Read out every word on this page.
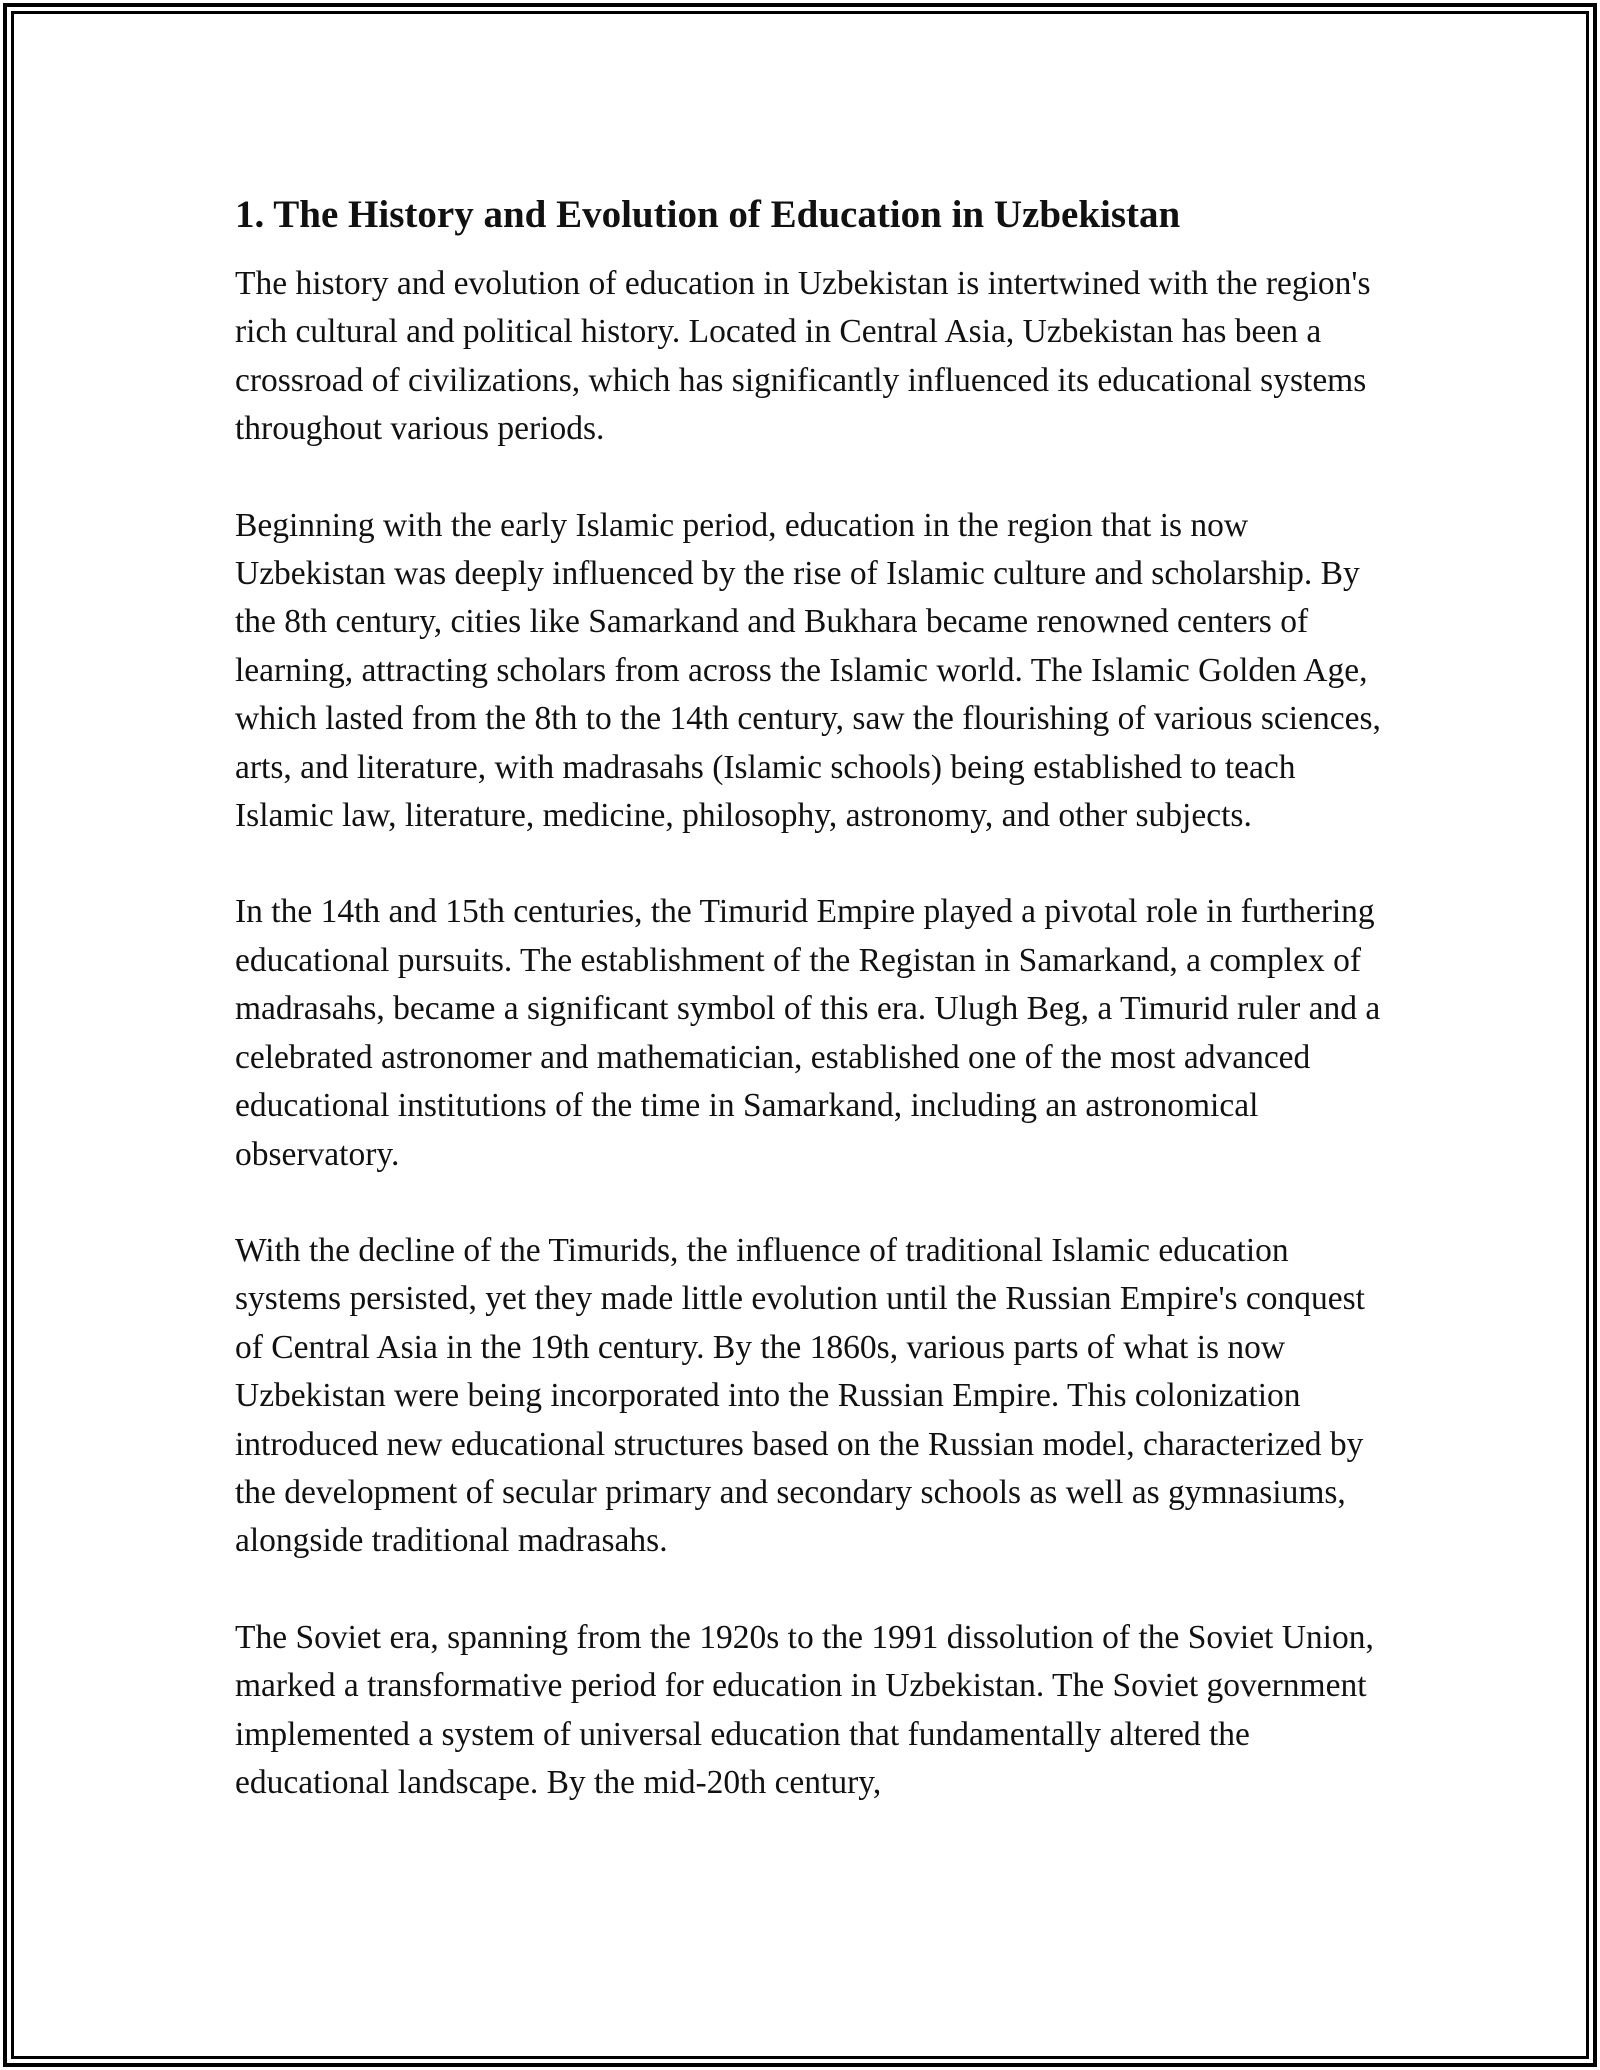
1. The History and Evolution of Education in Uzbekistan

The history and evolution of education in Uzbekistan is intertwined with the region's rich cultural and political history. Located in Central Asia, Uzbekistan has been a crossroad of civilizations, which has significantly influenced its educational systems throughout various periods.

Beginning with the early Islamic period, education in the region that is now Uzbekistan was deeply influenced by the rise of Islamic culture and scholarship. By the 8th century, cities like Samarkand and Bukhara became renowned centers of learning, attracting scholars from across the Islamic world. The Islamic Golden Age, which lasted from the 8th to the 14th century, saw the flourishing of various sciences, arts, and literature, with madrasahs (Islamic schools) being established to teach Islamic law, literature, medicine, philosophy, astronomy, and other subjects.

In the 14th and 15th centuries, the Timurid Empire played a pivotal role in furthering educational pursuits. The establishment of the Registan in Samarkand, a complex of madrasahs, became a significant symbol of this era. Ulugh Beg, a Timurid ruler and a celebrated astronomer and mathematician, established one of the most advanced educational institutions of the time in Samarkand, including an astronomical observatory.

With the decline of the Timurids, the influence of traditional Islamic education systems persisted, yet they made little evolution until the Russian Empire's conquest of Central Asia in the 19th century. By the 1860s, various parts of what is now Uzbekistan were being incorporated into the Russian Empire. This colonization introduced new educational structures based on the Russian model, characterized by the development of secular primary and secondary schools as well as gymnasiums, alongside traditional madrasahs.

The Soviet era, spanning from the 1920s to the 1991 dissolution of the Soviet Union, marked a transformative period for education in Uzbekistan. The Soviet government implemented a system of universal education that fundamentally altered the educational landscape. By the mid-20th century,
